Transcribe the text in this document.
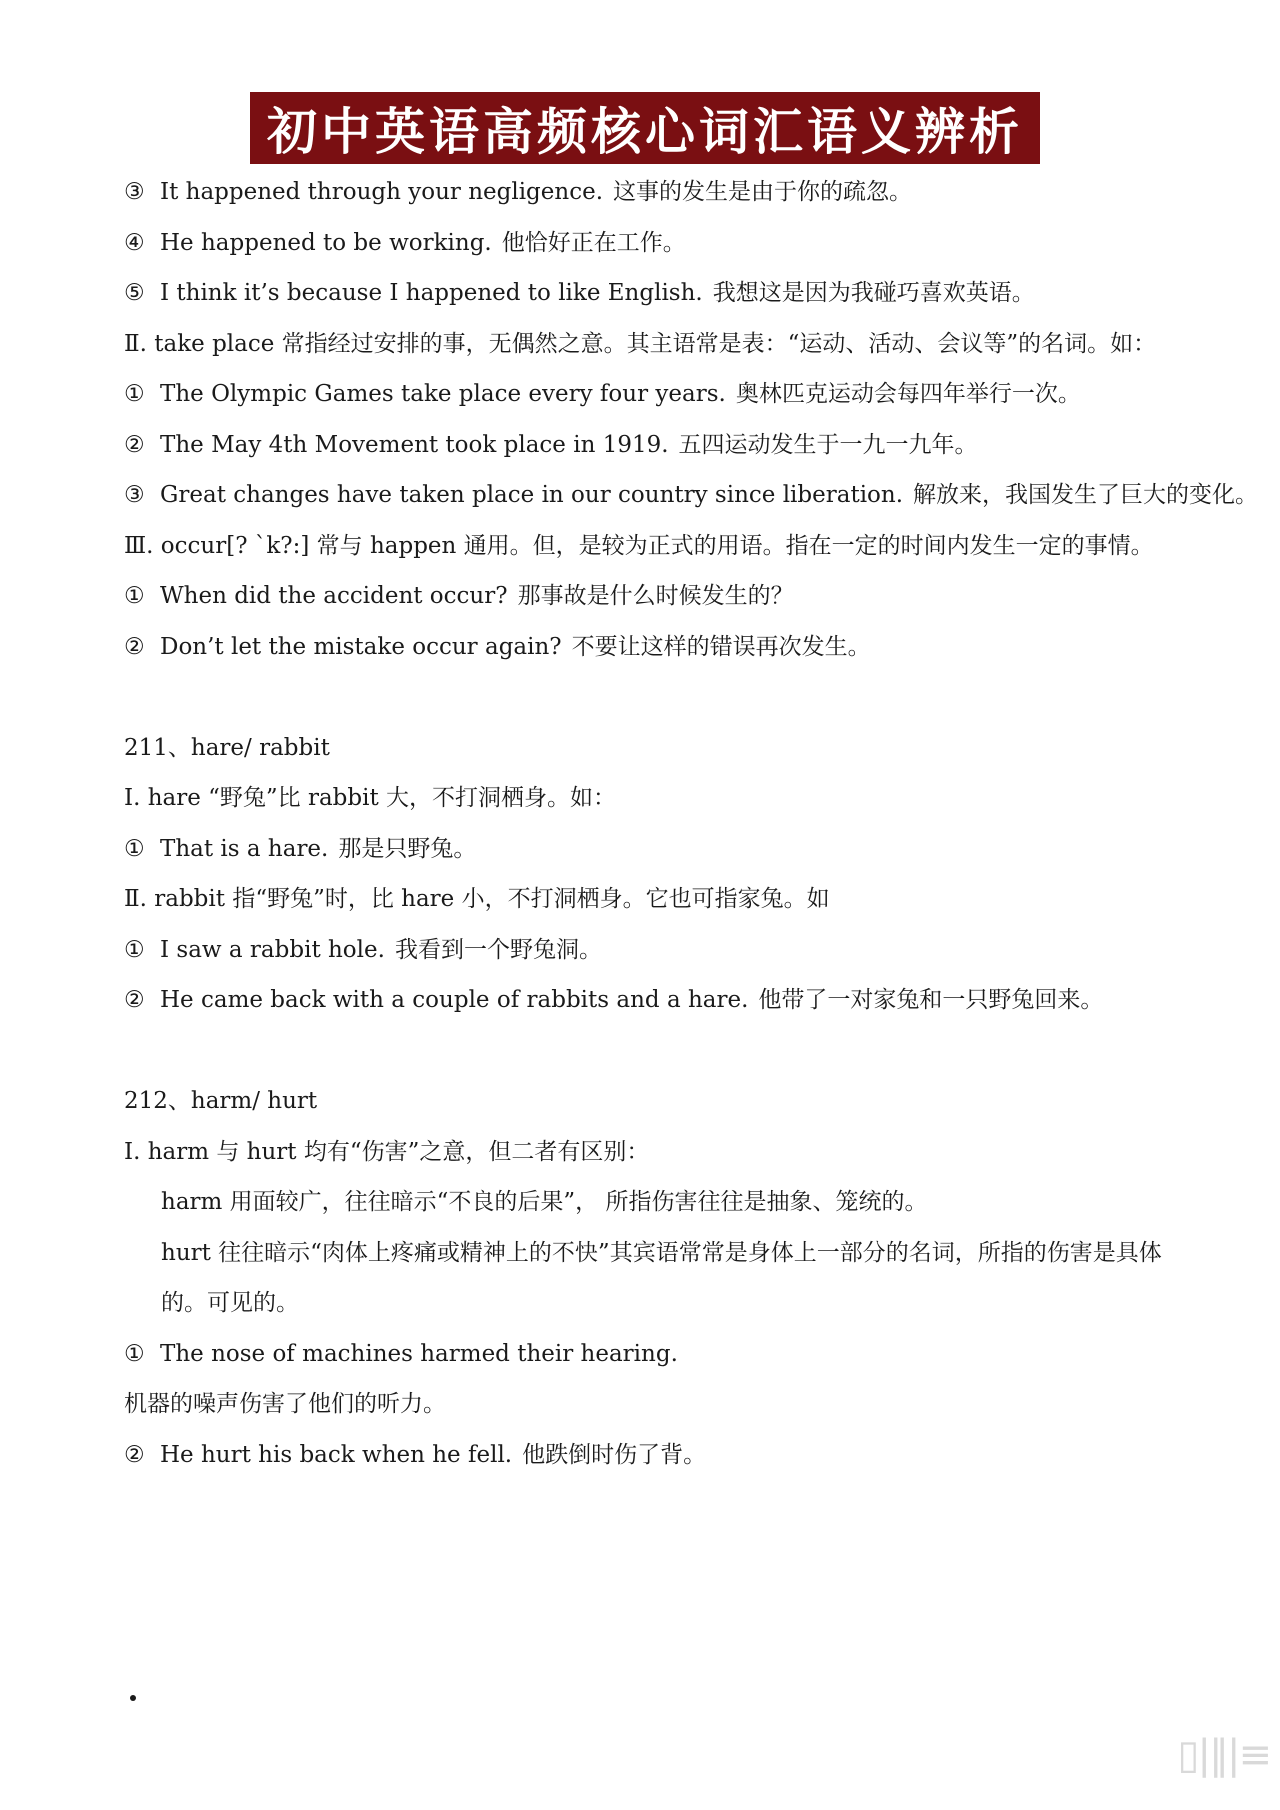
初中英语高频核心词汇语义辨析
③ It happened through your negligence. 这事的发生是由于你的疏忽。
④ He happened to be working. 他恰好正在工作。
⑤ I think it’s because I happened to like English. 我想这是因为我碰巧喜欢英语。
Ⅱ. take place 常指经过安排的事，无偶然之意。其主语常是表：“运动、活动、会议等”的名词。如：
① The Olympic Games take place every four years. 奥林匹克运动会每四年举行一次。
② The May 4th Movement took place in 1919. 五四运动发生于一九一九年。
③ Great changes have taken place in our country since liberation. 解放来，我国发生了巨大的变化。
Ⅲ. occur[? `k?:] 常与 happen 通用。但，是较为正式的用语。指在一定的时间内发生一定的事情。
① When did the accident occur? 那事故是什么时候发生的？
② Don’t let the mistake occur again? 不要让这样的错误再次发生。
211、hare/ rabbit
Ⅰ. hare “野兔”比 rabbit 大，不打洞栖身。如：
① That is a hare. 那是只野兔。
Ⅱ. rabbit 指“野兔”时，比 hare 小，不打洞栖身。它也可指家兔。如
① I saw a rabbit hole. 我看到一个野兔洞。
② He came back with a couple of rabbits and a hare. 他带了一对家兔和一只野兔回来。
212、harm/ hurt
Ⅰ. harm 与 hurt 均有“伤害”之意，但二者有区别：
harm 用面较广，往往暗示“不良的后果”， 所指伤害往往是抽象、笼统的。
hurt 往往暗示“肉体上疼痛或精神上的不快”其宾语常常是身体上一部分的名词，所指的伤害是具体的。可见的。
① The nose of machines harmed their hearing.
机器的噪声伤害了他们的听力。
② He hurt his back when he fell. 他跌倒时伤了背。
▯|‖|≡
